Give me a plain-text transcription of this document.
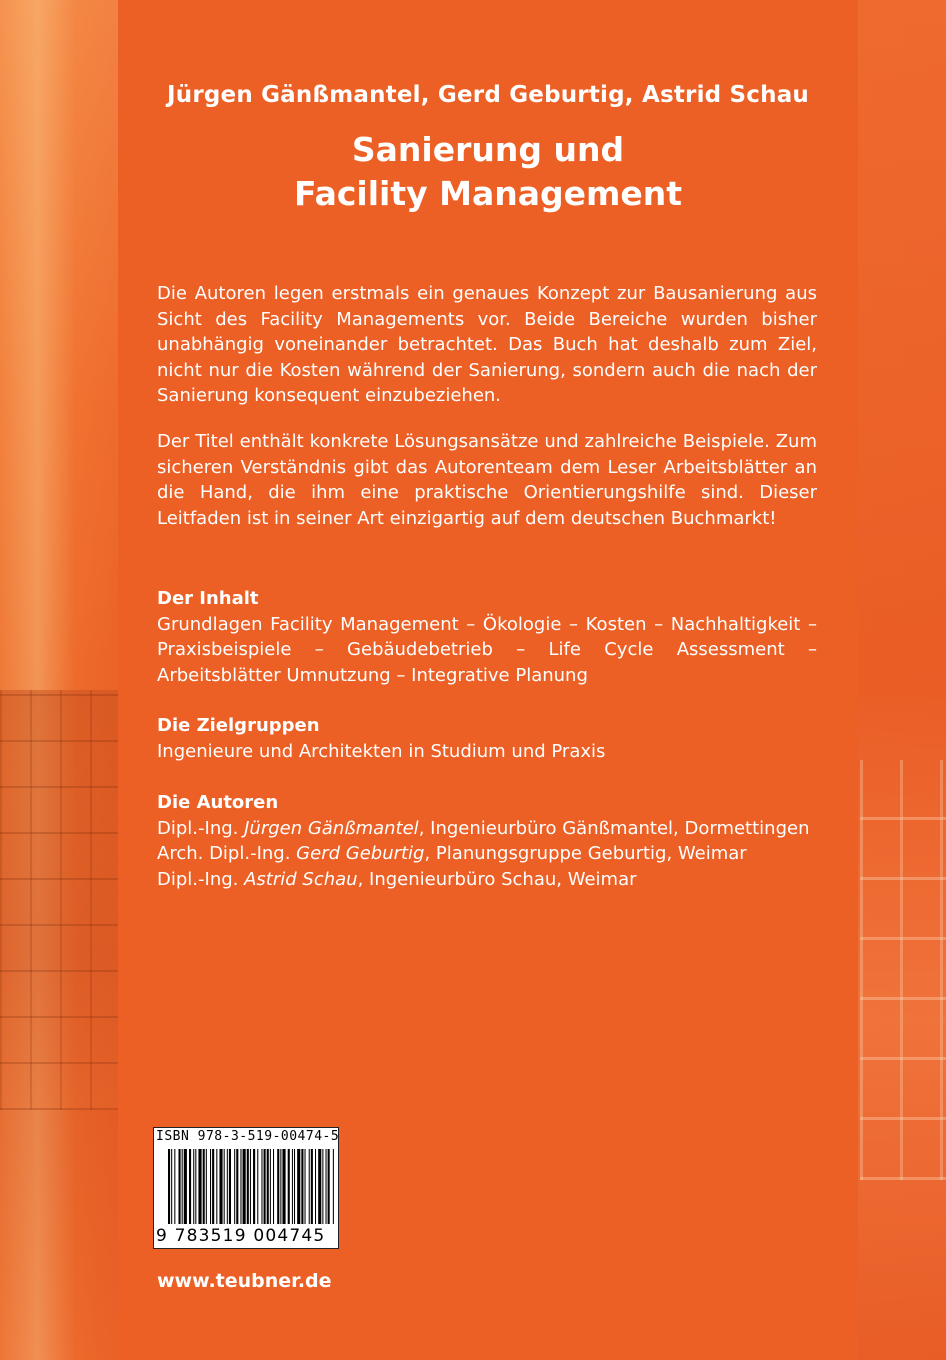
Jürgen Gänßmantel, Gerd Geburtig, Astrid Schau
Sanierung und
Facility Management

Die Autoren legen erstmals ein genaues Konzept zur Bausanierung aus Sicht des Facility Managements vor. Beide Bereiche wurden bisher unabhängig voneinander betrachtet. Das Buch hat deshalb zum Ziel, nicht nur die Kosten während der Sanierung, sondern auch die nach der Sanierung konsequent einzubeziehen.

Der Titel enthält konkrete Lösungsansätze und zahlreiche Beispiele. Zum sicheren Verständnis gibt das Autorenteam dem Leser Arbeitsblätter an die Hand, die ihm eine praktische Orientierungshilfe sind. Dieser Leitfaden ist in seiner Art einzigartig auf dem deutschen Buchmarkt!

Der Inhalt

Grundlagen Facility Management – Ökologie – Kosten – Nachhaltigkeit – Praxisbeispiele – Gebäudebetrieb – Life Cycle Assessment – Arbeitsblätter Umnutzung – Integrative Planung

Die Zielgruppen

Ingenieure und Architekten in Studium und Praxis

Die Autoren

Dipl.-Ing. Jürgen Gänßmantel, Ingenieurbüro Gänßmantel, Dormettingen

Arch. Dipl.-Ing. Gerd Geburtig, Planungsgruppe Geburtig, Weimar

Dipl.-Ing. Astrid Schau, Ingenieurbüro Schau, Weimar

ISBN 978-3-519-00474-5
9 783519 004745
www.teubner.de
